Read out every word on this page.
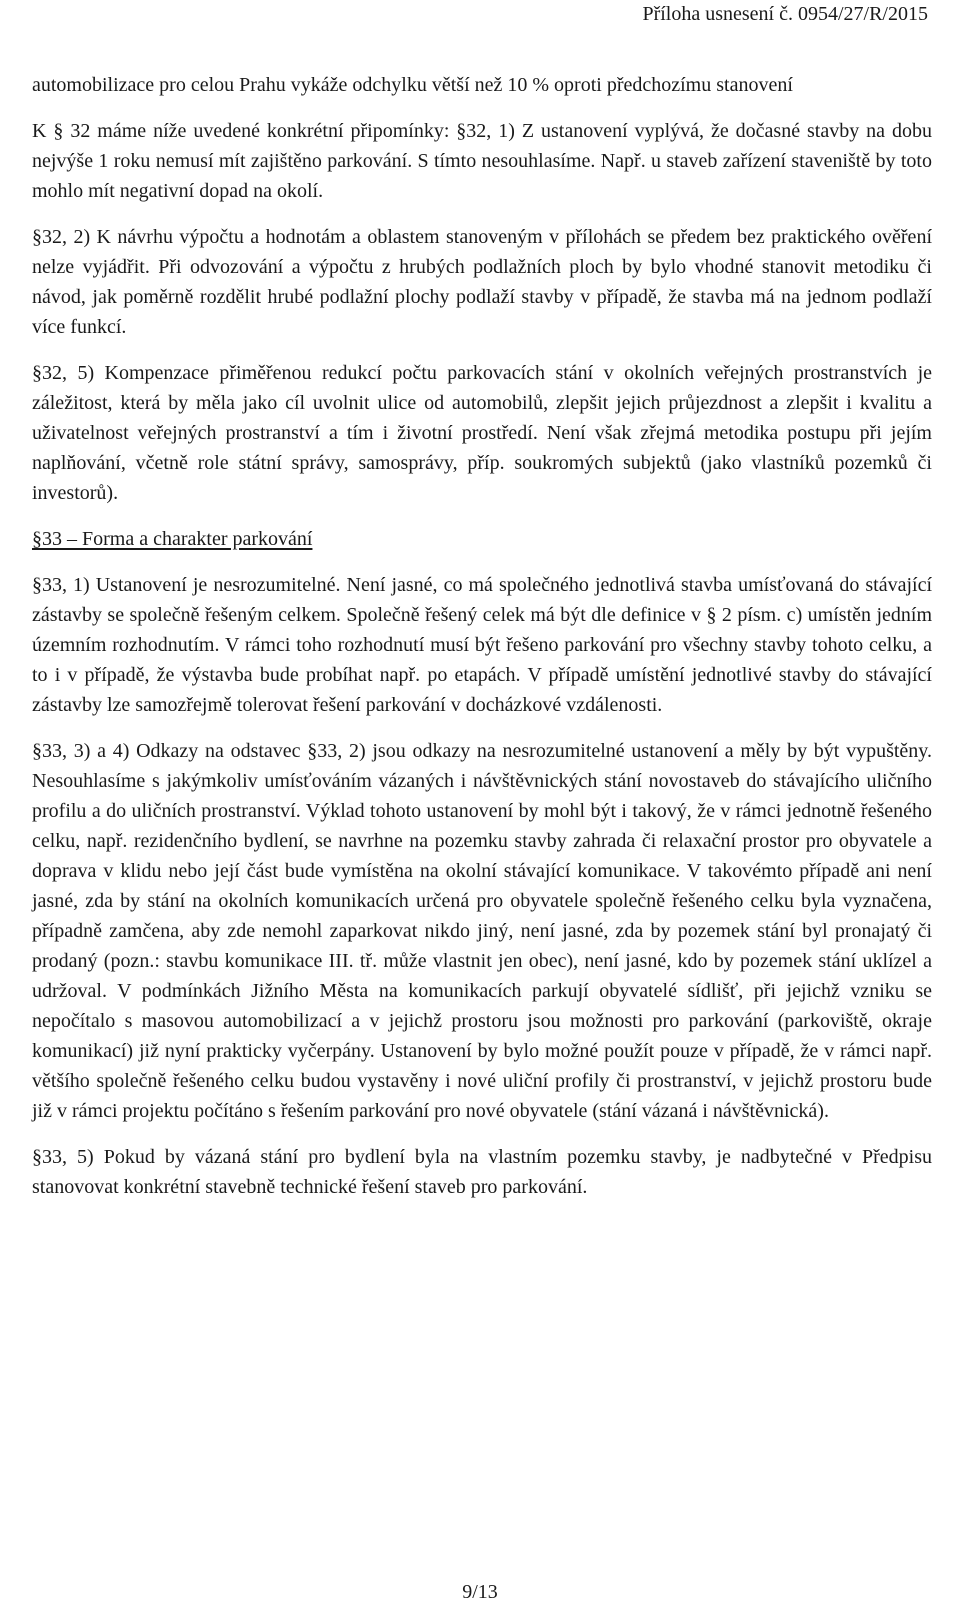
Příloha usnesení č. 0954/27/R/2015

automobilizace pro celou Prahu vykáže odchylku větší než 10 % oproti předchozímu stanovení

K § 32 máme níže uvedené konkrétní připomínky: §32, 1) Z ustanovení vyplývá, že dočasné stavby na dobu nejvýše 1 roku nemusí mít zajištěno parkování. S tímto nesouhlasíme. Např. u staveb zařízení staveniště by toto mohlo mít negativní dopad na okolí.

§32, 2) K návrhu výpočtu a hodnotám a oblastem stanoveným v přílohách se předem bez praktického ověření nelze vyjádřit. Při odvozování a výpočtu z hrubých podlažních ploch by bylo vhodné stanovit metodiku či návod, jak poměrně rozdělit hrubé podlažní plochy podlaží stavby v případě, že stavba má na jednom podlaží více funkcí.

§32, 5) Kompenzace přiměřenou redukcí počtu parkovacích stání v okolních veřejných prostranstvích je záležitost, která by měla jako cíl uvolnit ulice od automobilů, zlepšit jejich průjezdnost a zlepšit i kvalitu a uživatelnost veřejných prostranství a tím i životní prostředí. Není však zřejmá metodika postupu při jejím naplňování, včetně role státní správy, samosprávy, příp. soukromých subjektů (jako vlastníků pozemků či investorů).

§33 – Forma a charakter parkování

§33, 1) Ustanovení je nesrozumitelné. Není jasné, co má společného jednotlivá stavba umísťovaná do stávající zástavby se společně řešeným celkem. Společně řešený celek má být dle definice v § 2 písm. c) umístěn jedním územním rozhodnutím. V rámci toho rozhodnutí musí být řešeno parkování pro všechny stavby tohoto celku, a to i v případě, že výstavba bude probíhat např. po etapách. V případě umístění jednotlivé stavby do stávající zástavby lze samozřejmě tolerovat řešení parkování v docházkové vzdálenosti.

§33, 3) a 4) Odkazy na odstavec §33, 2) jsou odkazy na nesrozumitelné ustanovení a měly by být vypuštěny. Nesouhlasíme s jakýmkoliv umísťováním vázaných i návštěvnických stání novostaveb do stávajícího uličního profilu a do uličních prostranství. Výklad tohoto ustanovení by mohl být i takový, že v rámci jednotně řešeného celku, např. rezidenčního bydlení, se navrhne na pozemku stavby zahrada či relaxační prostor pro obyvatele a doprava v klidu nebo její část bude vymístěna na okolní stávající komunikace. V takovémto případě ani není jasné, zda by stání na okolních komunikacích určená pro obyvatele společně řešeného celku byla vyznačena, případně zamčena, aby zde nemohl zaparkovat nikdo jiný, není jasné, zda by pozemek stání byl pronajatý či prodaný (pozn.: stavbu komunikace III. tř. může vlastnit jen obec), není jasné, kdo by pozemek stání uklízel a udržoval. V podmínkách Jižního Města na komunikacích parkují obyvatelé sídlišť, při jejichž vzniku se nepočítalo s masovou automobilizací a v jejichž prostoru jsou možnosti pro parkování (parkoviště, okraje komunikací) již nyní prakticky vyčerpány. Ustanovení by bylo možné použít pouze v případě, že v rámci např. většího společně řešeného celku budou vystavěny i nové uliční profily či prostranství, v jejichž prostoru bude již v rámci projektu počítáno s řešením parkování pro nové obyvatele (stání vázaná i návštěvnická).

§33, 5) Pokud by vázaná stání pro bydlení byla na vlastním pozemku stavby, je nadbytečné v Předpisu stanovovat konkrétní stavebně technické řešení staveb pro parkování.

9/13
